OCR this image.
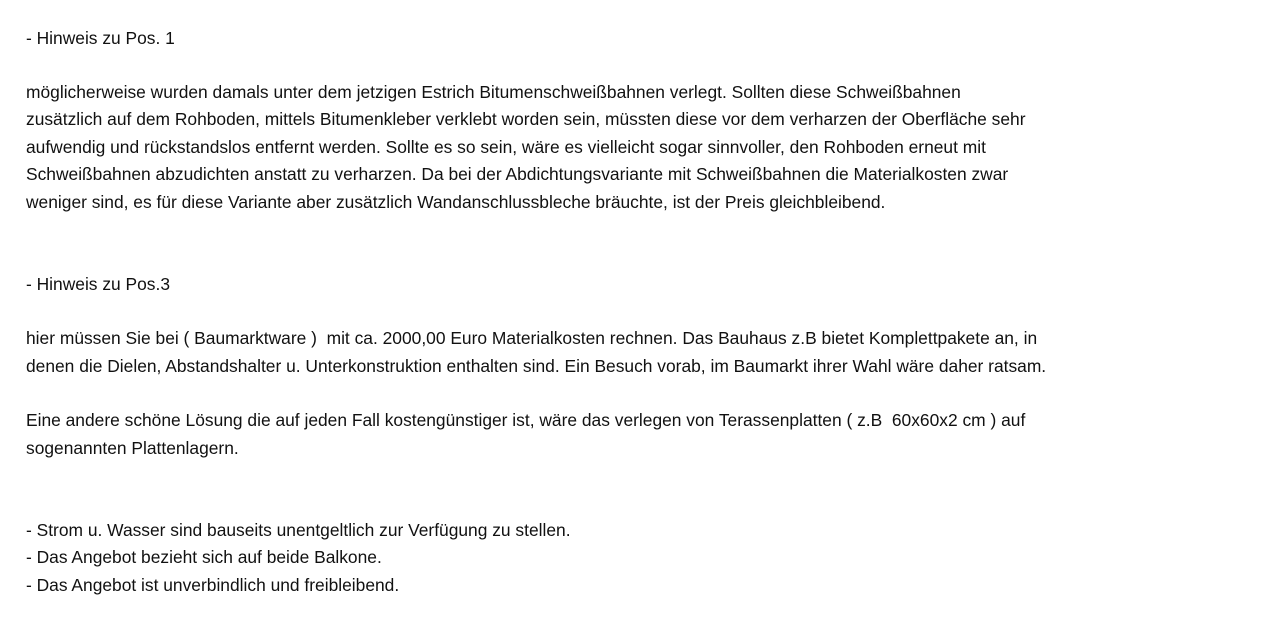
- Hinweis zu Pos. 1
möglicherweise wurden damals unter dem jetzigen Estrich Bitumenschweißbahnen verlegt. Sollten diese Schweißbahnen
zusätzlich auf dem Rohboden, mittels Bitumenkleber verklebt worden sein, müssten diese vor dem verharzen der Oberfläche sehr
aufwendig und rückstandslos entfernt werden. Sollte es so sein, wäre es vielleicht sogar sinnvoller, den Rohboden erneut mit
Schweißbahnen abzudichten anstatt zu verharzen. Da bei der Abdichtungsvariante mit Schweißbahnen die Materialkosten zwar
weniger sind, es für diese Variante aber zusätzlich Wandanschlussbleche bräuchte, ist der Preis gleichbleibend.
- Hinweis zu Pos.3
hier müssen Sie bei ( Baumarktware )  mit ca. 2000,00 Euro Materialkosten rechnen. Das Bauhaus z.B bietet Komplettpakete an, in
denen die Dielen, Abstandshalter u. Unterkonstruktion enthalten sind. Ein Besuch vorab, im Baumarkt ihrer Wahl wäre daher ratsam.
Eine andere schöne Lösung die auf jeden Fall kostengünstiger ist, wäre das verlegen von Terassenplatten ( z.B  60x60x2 cm ) auf
sogenannten Plattenlagern.
- Strom u. Wasser sind bauseits unentgeltlich zur Verfügung zu stellen.
- Das Angebot bezieht sich auf beide Balkone.
- Das Angebot ist unverbindlich und freibleibend.
